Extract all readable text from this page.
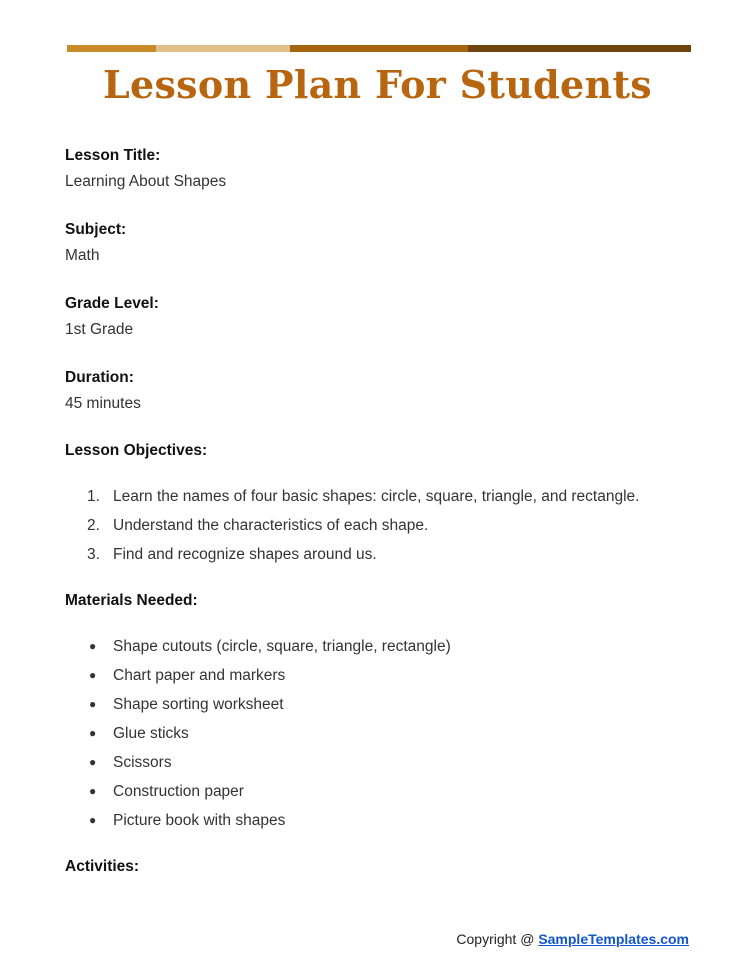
Lesson Plan For Students
Lesson Title:
Learning About Shapes
Subject:
Math
Grade Level:
1st Grade
Duration:
45 minutes
Lesson Objectives:
1. Learn the names of four basic shapes: circle, square, triangle, and rectangle.
2. Understand the characteristics of each shape.
3. Find and recognize shapes around us.
Materials Needed:
●	Shape cutouts (circle, square, triangle, rectangle)
●	Chart paper and markers
●	Shape sorting worksheet
●	Glue sticks
●	Scissors
●	Construction paper
●	Picture book with shapes
Activities:
Copyright @ SampleTemplates.com
